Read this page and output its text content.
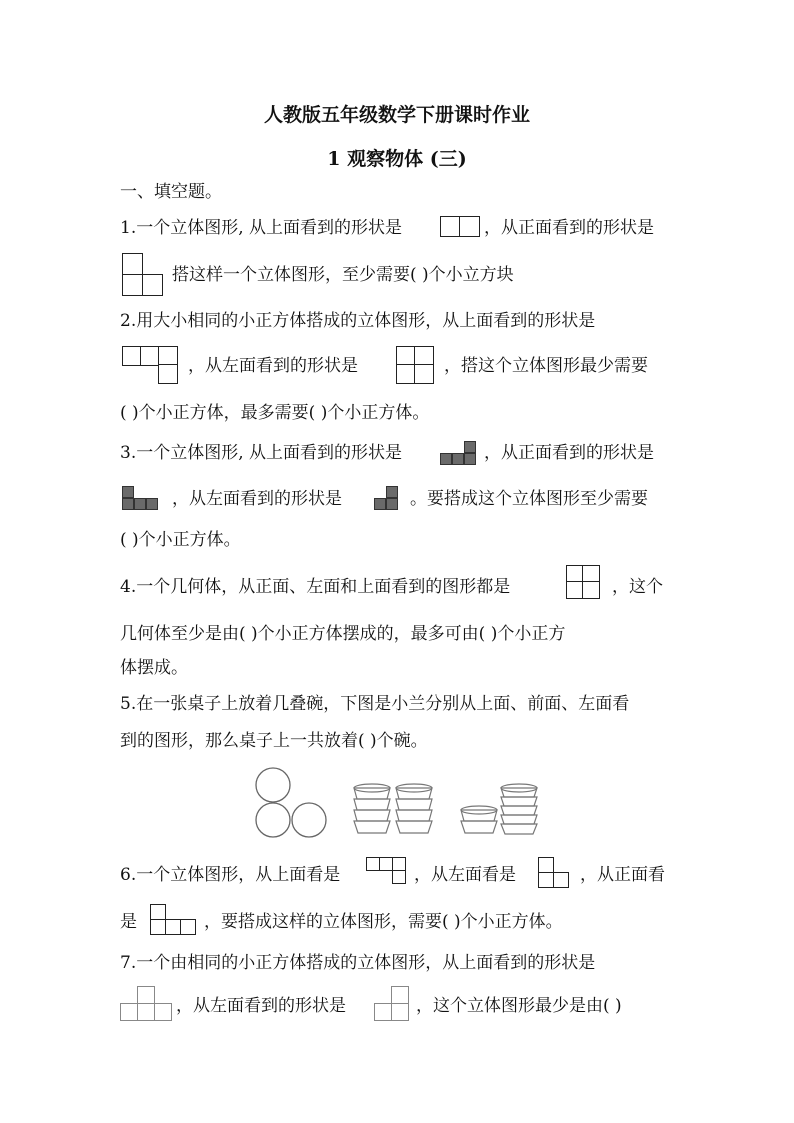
人教版五年级数学下册课时作业
1 观察物体 (三)
一、填空题。
1.一个立体图形, 从上面看到的形状是	，从正面看到的形状是
搭这样一个立体图形，至少需要( )个小立方块
2.用大小相同的小正方体搭成的立体图形，从上面看到的形状是
，从左面看到的形状是	，搭这个立体图形最少需要
( )个小正方体，最多需要( )个小正方体。
3.一个立体图形, 从上面看到的形状是	，从正面看到的形状是
，从左面看到的形状是	。要搭成这个立体图形至少需要
( )个小正方体。
4.一个几何体，从正面、左面和上面看到的图形都是	，这个
几何体至少是由( )个小正方体摆成的，最多可由( )个小正方
体摆成。
5.在一张桌子上放着几叠碗，下图是小兰分别从上面、前面、左面看
到的图形，那么桌子上一共放着( )个碗。
6.一个立体图形，从上面看是	，从左面看是	，从正面看
是	，要搭成这样的立体图形，需要( )个小正方体。
7.一个由相同的小正方体搭成的立体图形，从上面看到的形状是
，从左面看到的形状是	，这个立体图形最少是由( )
